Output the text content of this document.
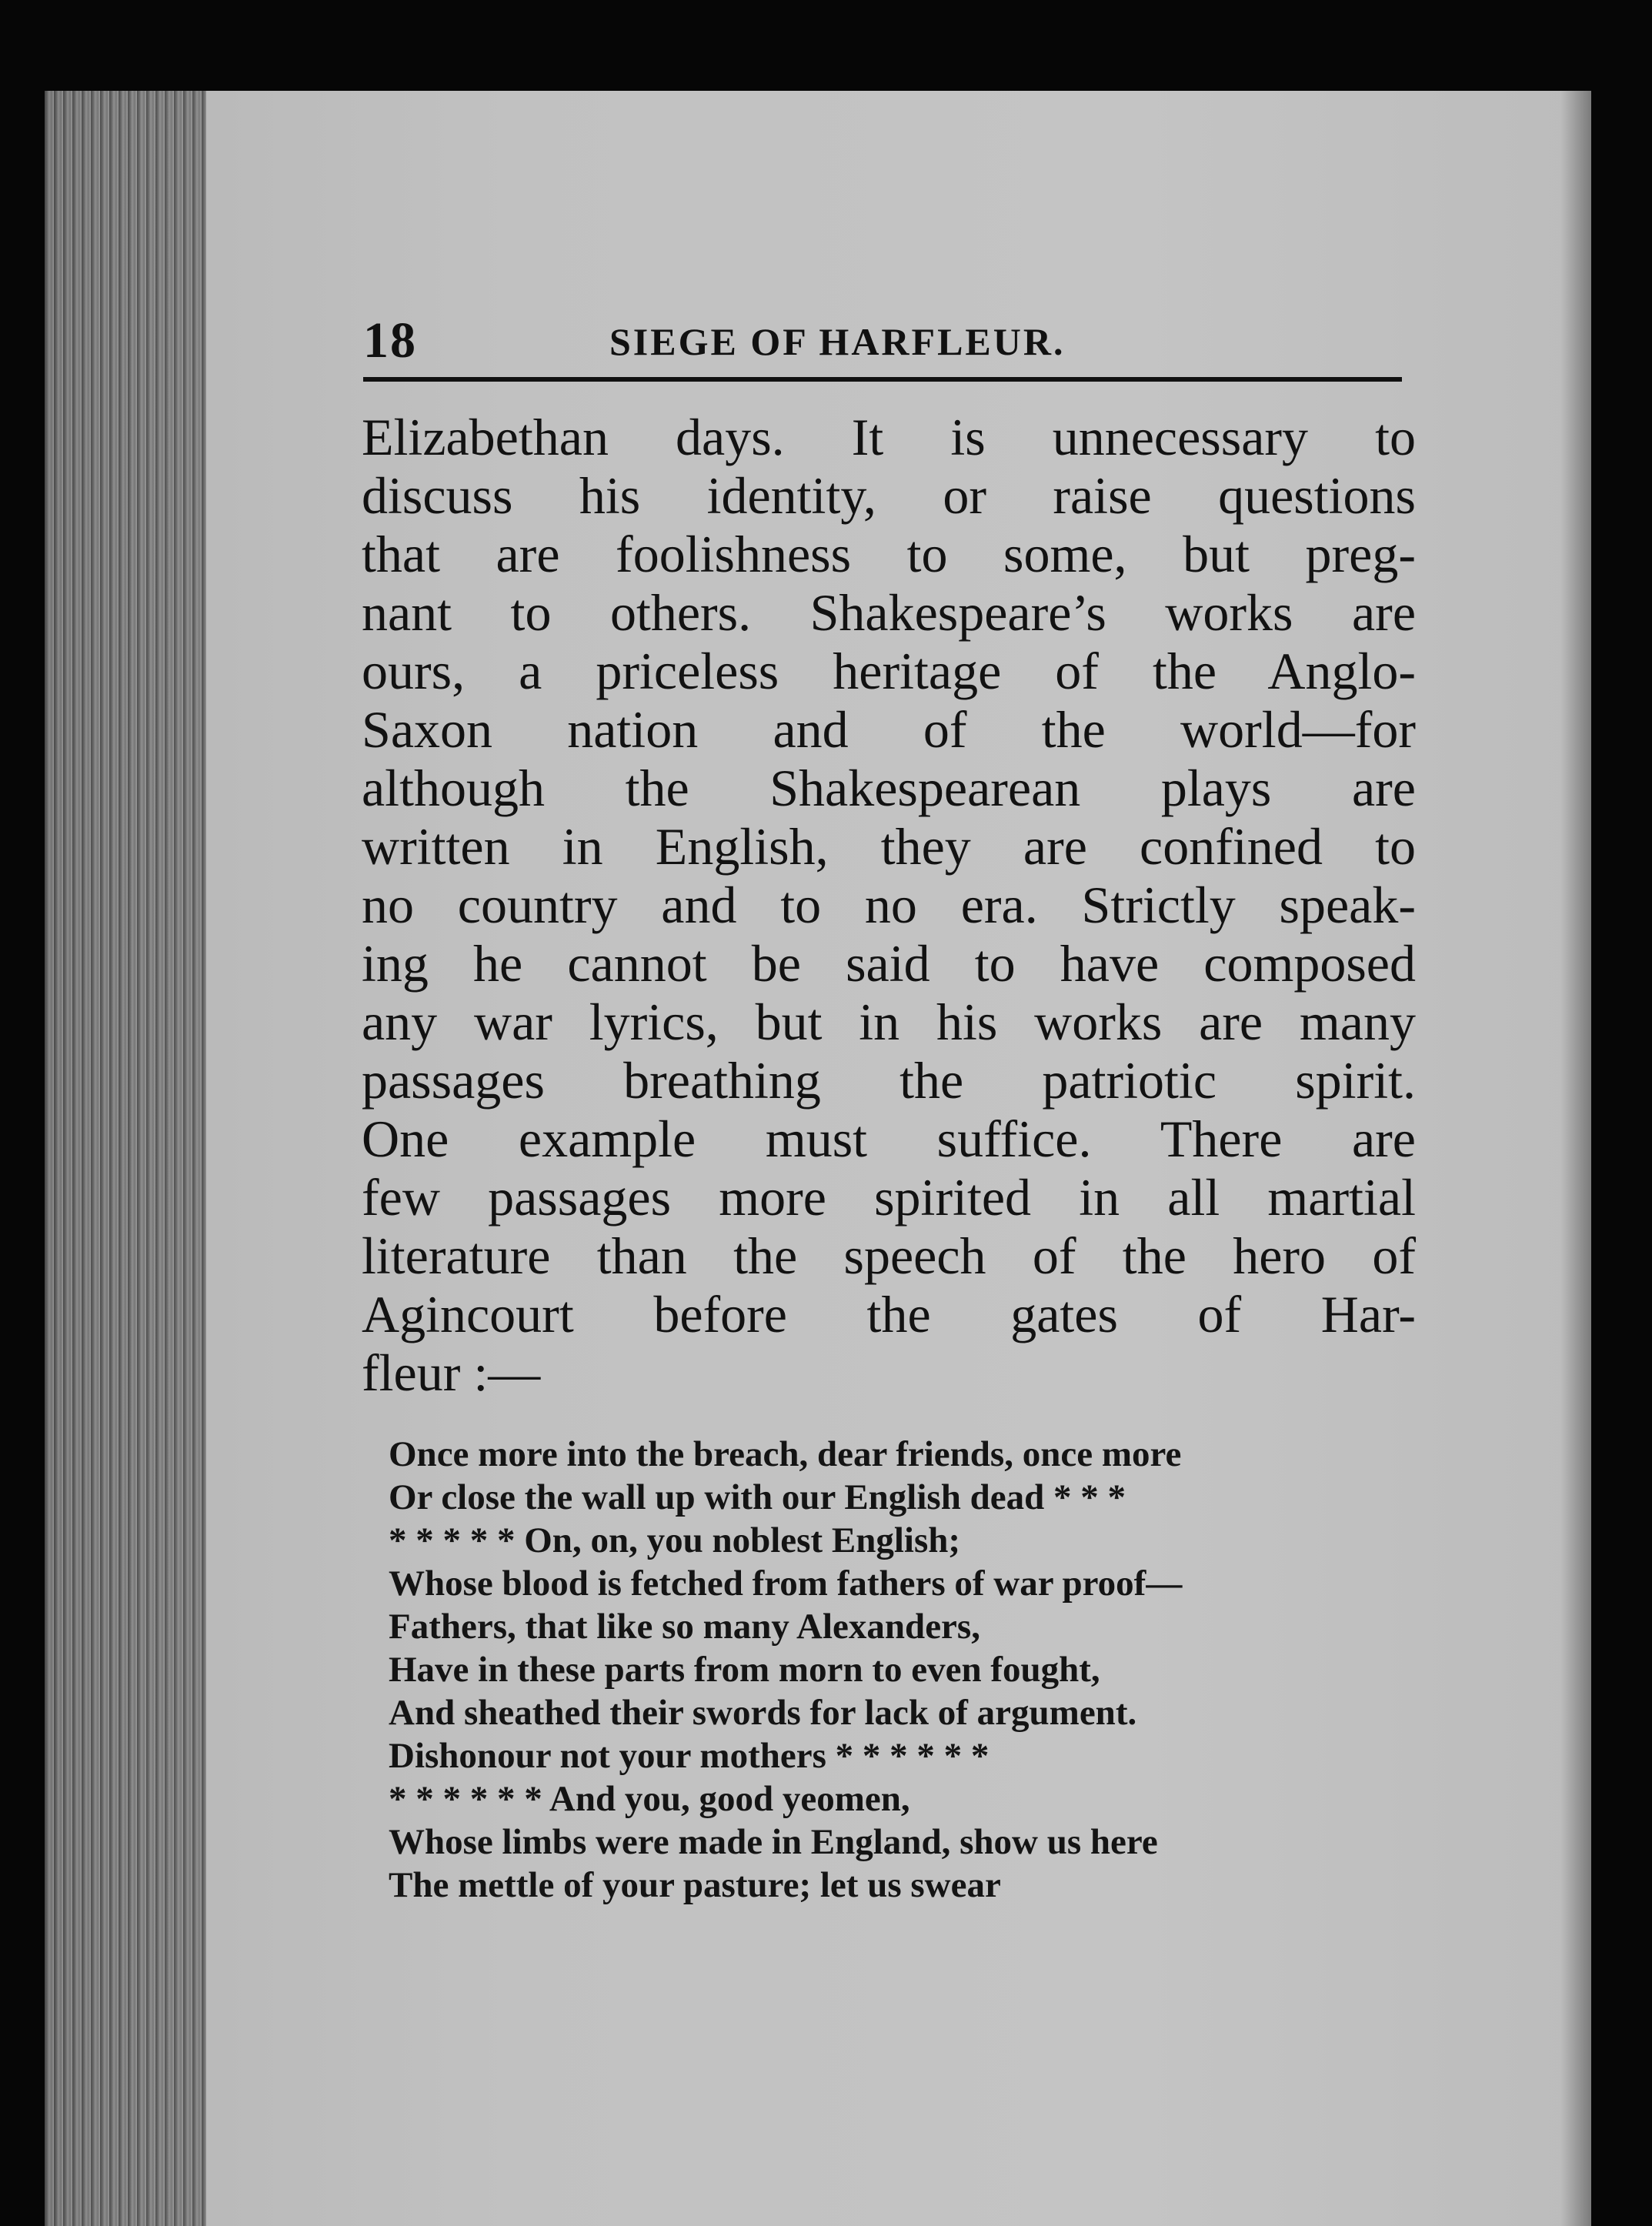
18	SIEGE OF HARFLEUR.
Elizabethan days. It is unnecessary to
discuss his identity, or raise questions
that are foolishness to some, but preg-
nant to others. Shakespeare’s works are
ours, a priceless heritage of the Anglo-
Saxon nation and of the world—for
although the Shakespearean plays are
written in English, they are confined to
no country and to no era. Strictly speak-
ing he cannot be said to have composed
any war lyrics, but in his works are many
passages breathing the patriotic spirit.
One example must suffice. There are
few passages more spirited in all martial
literature than the speech of the hero of
Agincourt before the gates of Har-
fleur :—
Once more into the breach, dear friends, once more
Or close the wall up with our English dead * * *
* * * * * On, on, you noblest English;
Whose blood is fetched from fathers of war proof—
Fathers, that like so many Alexanders,
Have in these parts from morn to even fought,
And sheathed their swords for lack of argument.
Dishonour not your mothers * * * * * *
* * * * * * And you, good yeomen,
Whose limbs were made in England, show us here
The mettle of your pasture; let us swear
